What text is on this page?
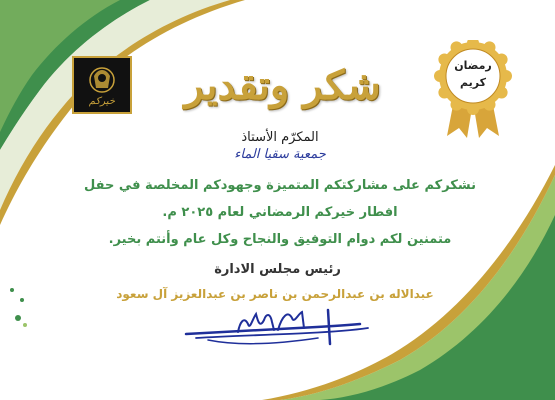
خيركم
رمضان
كريم
شكر وتقدير
المكرّم الأستاذ
جمعية سقيا الماء
نشكركم على مشاركتكم المتميزة وجهودكم المخلصة في حفل
افطار خيركم الرمضاني لعام ٢٠٢٥ م.
متمنين لكم دوام التوفيق والنجاح وكل عام وأنتم بخير.
رئيس مجلس الادارة
عبدالاله بن عبدالرحمن بن ناصر بن عبدالعزيز آل سعود
